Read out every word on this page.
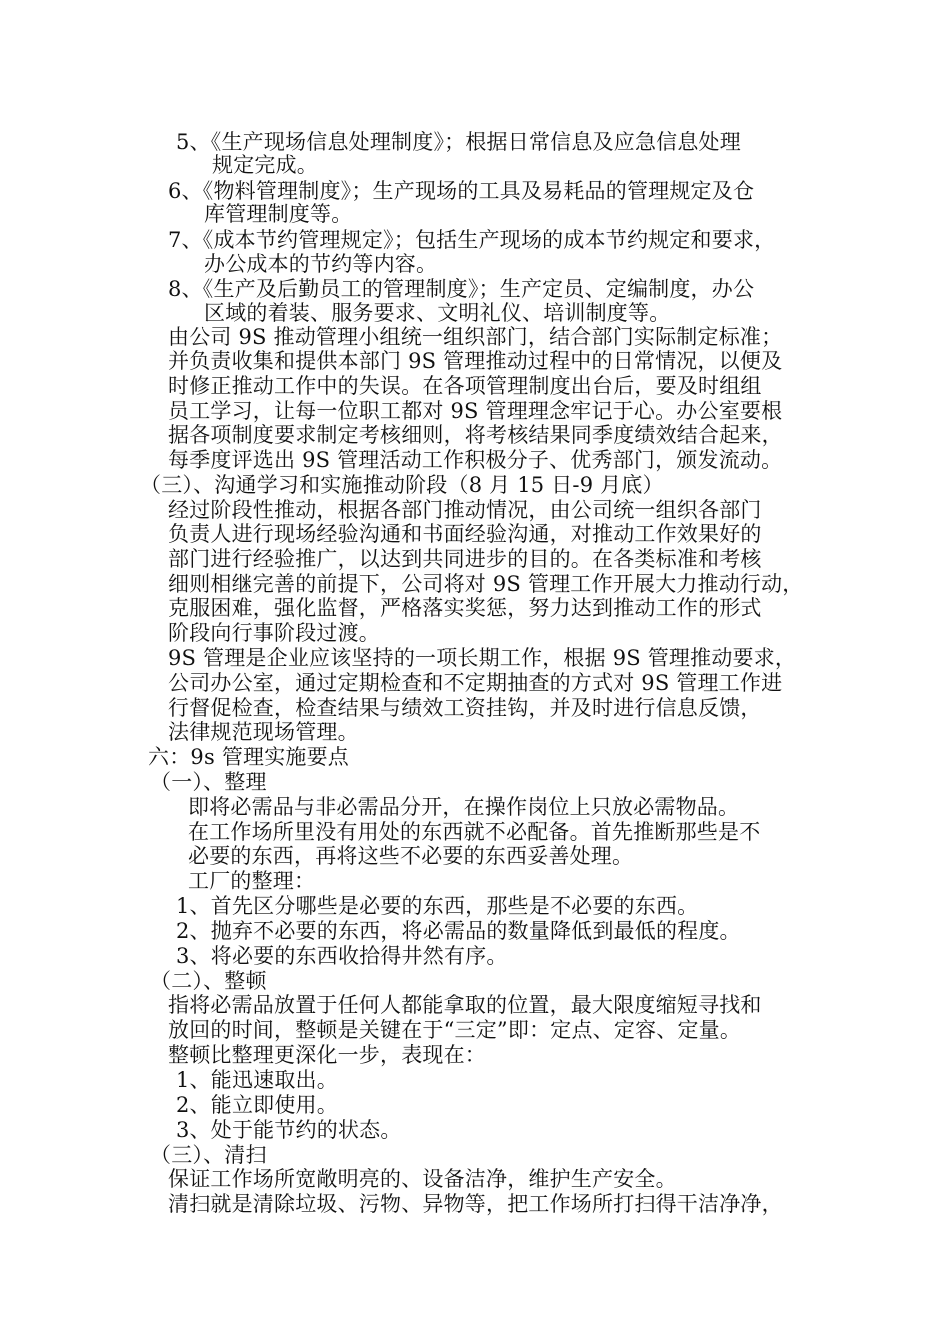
5、《生产现场信息处理制度》；根据日常信息及应急信息处理
规定完成。
6、《物料管理制度》；生产现场的工具及易耗品的管理规定及仓
库管理制度等。
7、《成本节约管理规定》；包括生产现场的成本节约规定和要求，
办公成本的节约等内容。
8、《生产及后勤员工的管理制度》；生产定员、定编制度，办公
区域的着装、服务要求、文明礼仪、培训制度等。
由公司 9S 推动管理小组统一组织部门，结合部门实际制定标准；
并负责收集和提供本部门 9S 管理推动过程中的日常情况，以便及
时修正推动工作中的失误。在各项管理制度出台后，要及时组组
员工学习，让每一位职工都对 9S 管理理念牢记于心。办公室要根
据各项制度要求制定考核细则，将考核结果同季度绩效结合起来，
每季度评选出 9S 管理活动工作积极分子、优秀部门，颁发流动。
（三）、沟通学习和实施推动阶段（8 月 15 日-9 月底）
经过阶段性推动，根据各部门推动情况，由公司统一组织各部门
负责人进行现场经验沟通和书面经验沟通，对推动工作效果好的
部门进行经验推广，以达到共同进步的目的。在各类标准和考核
细则相继完善的前提下，公司将对 9S 管理工作开展大力推动行动，
克服困难，强化监督，严格落实奖惩，努力达到推动工作的形式
阶段向行事阶段过渡。
9S 管理是企业应该坚持的一项长期工作，根据 9S 管理推动要求，
公司办公室，通过定期检查和不定期抽查的方式对 9S 管理工作进
行督促检查，检查结果与绩效工资挂钩，并及时进行信息反馈，
法律规范现场管理。
六：9s 管理实施要点
（一）、整理
即将必需品与非必需品分开，在操作岗位上只放必需物品。
在工作场所里没有用处的东西就不必配备。首先推断那些是不
必要的东西，再将这些不必要的东西妥善处理。
工厂的整理：
1、首先区分哪些是必要的东西，那些是不必要的东西。
2、抛弃不必要的东西，将必需品的数量降低到最低的程度。
3、将必要的东西收拾得井然有序。
（二）、整顿
指将必需品放置于任何人都能拿取的位置，最大限度缩短寻找和
放回的时间，整顿是关键在于“三定”即：定点、定容、定量。
整顿比整理更深化一步，表现在：
1、能迅速取出。
2、能立即使用。
3、处于能节约的状态。
（三）、清扫
保证工作场所宽敞明亮的、设备洁净，维护生产安全。
清扫就是清除垃圾、污物、异物等，把工作场所打扫得干洁净净，
